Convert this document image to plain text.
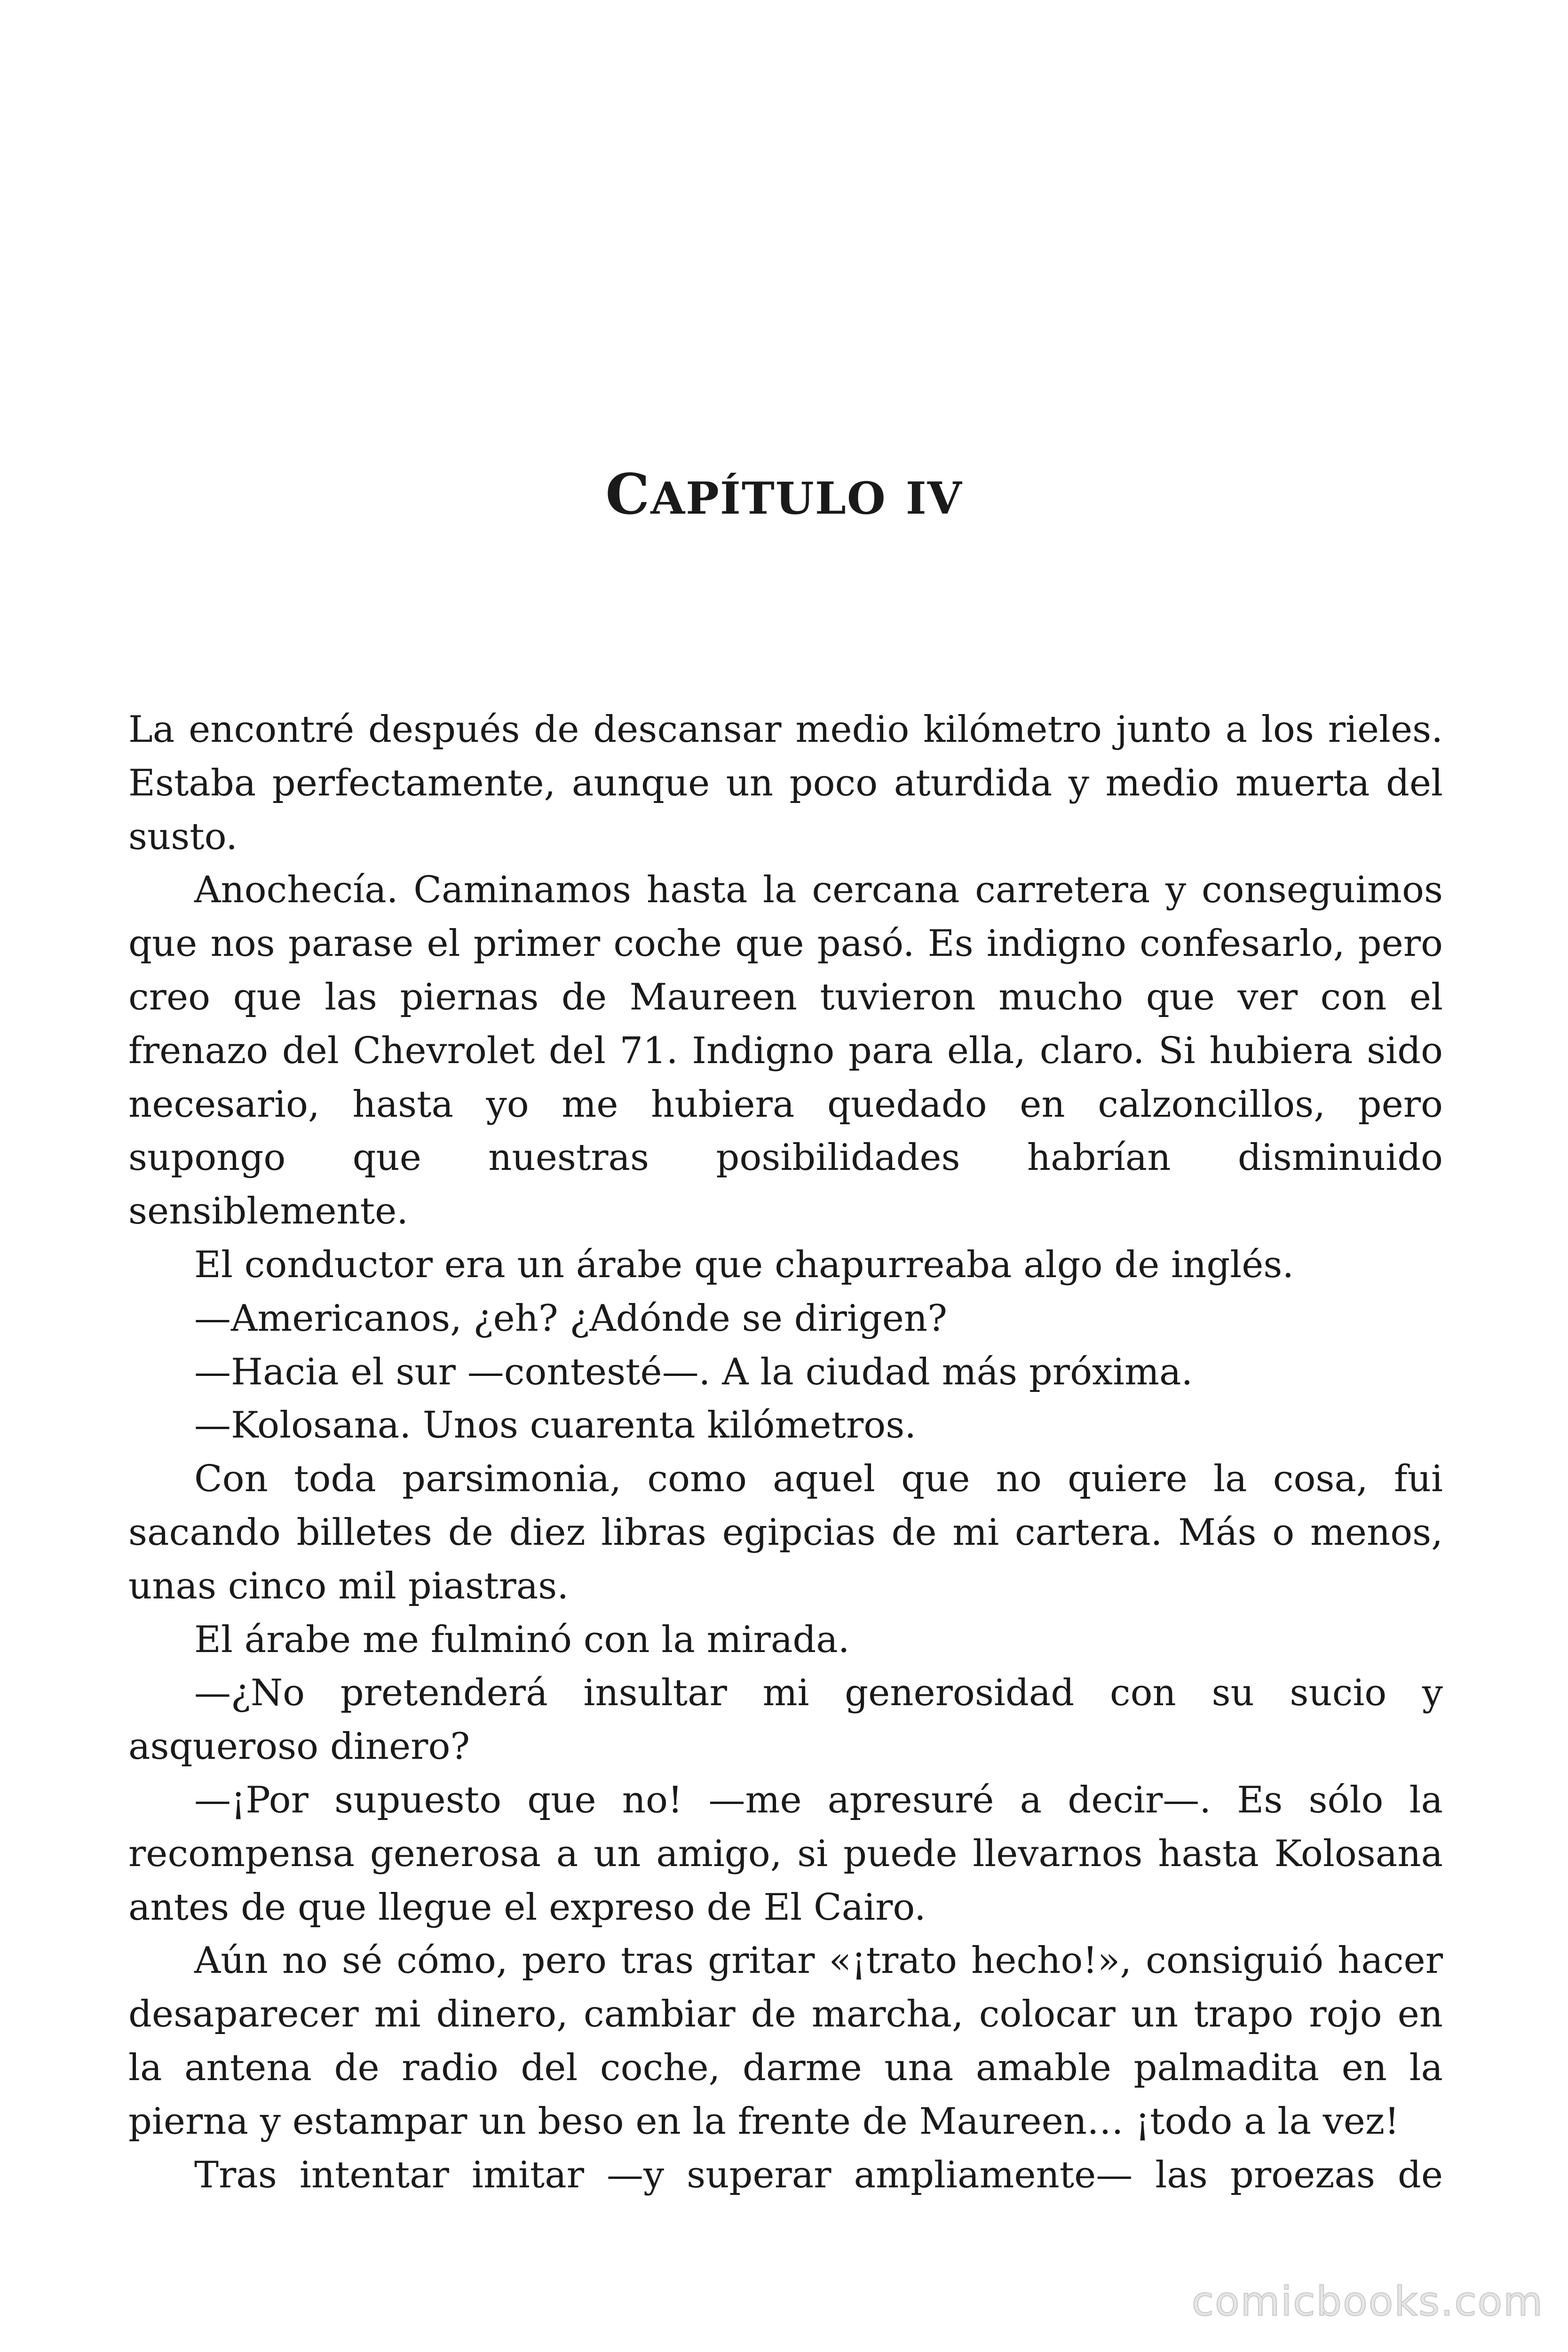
CAPÍTULO IV

La encontré después de descansar medio kilómetro junto a los rieles. Estaba perfectamente, aunque un poco aturdida y medio muerta del susto.

Anochecía. Caminamos hasta la cercana carretera y conseguimos que nos parase el primer coche que pasó. Es indigno confesarlo, pero creo que las piernas de Maureen tuvieron mucho que ver con el frenazo del Chevrolet del 71. Indigno para ella, claro. Si hubiera sido necesario, hasta yo me hubiera quedado en calzoncillos, pero supongo que nuestras posibilidades habrían disminuido sensiblemente.

El conductor era un árabe que chapurreaba algo de inglés.

—Americanos, ¿eh? ¿Adónde se dirigen?

—Hacia el sur —contesté—. A la ciudad más próxima.

—Kolosana. Unos cuarenta kilómetros.

Con toda parsimonia, como aquel que no quiere la cosa, fui sacando billetes de diez libras egipcias de mi cartera. Más o menos, unas cinco mil piastras.

El árabe me fulminó con la mirada.

—¿No pretenderá insultar mi generosidad con su sucio y asqueroso dinero?

—¡Por supuesto que no! —me apresuré a decir—. Es sólo la recompensa generosa a un amigo, si puede llevarnos hasta Kolosana antes de que llegue el expreso de El Cairo.

Aún no sé cómo, pero tras gritar «¡trato hecho!», consiguió hacer desaparecer mi dinero, cambiar de marcha, colocar un trapo rojo en la antena de radio del coche, darme una amable palmadita en la pierna y estampar un beso en la frente de Maureen… ¡todo a la vez!

Tras intentar imitar —y superar ampliamente— las proezas de

comicbooks.com
